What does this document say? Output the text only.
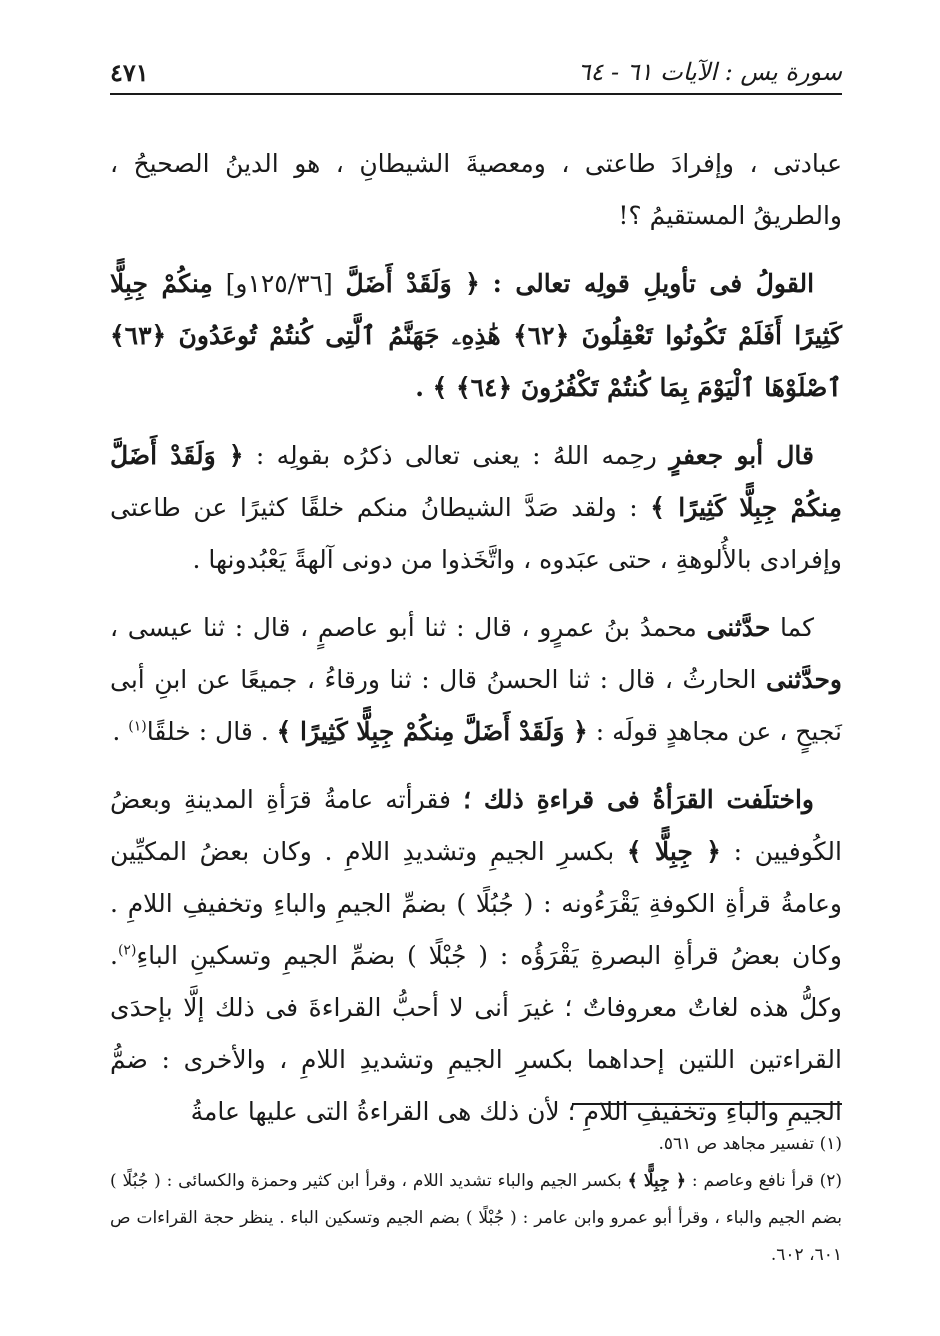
سورة يس : الآيات ٦١ - ٦٤
٤٧١

عبادتى ، وإفرادَ طاعتى ، ومعصيةَ الشيطانِ ، هو الدينُ الصحيحُ ، والطريقُ المستقيمُ ؟!

القولُ فى تأويلِ قولِه تعالى : ﴿ وَلَقَدْ أَضَلَّ [١٢٥/٣٦و] مِنكُمْ جِبِلًّا كَثِيرًا أَفَلَمْ تَكُونُوا تَعْقِلُونَ ﴿٦٢﴾ هَٰذِهِۦ جَهَنَّمُ ٱلَّتِى كُنتُمْ تُوعَدُونَ ﴿٦٣﴾ ٱصْلَوْهَا ٱلْيَوْمَ بِمَا كُنتُمْ تَكْفُرُونَ ﴿٦٤﴾ ﴾ .

قال أبو جعفرٍ رحِمه اللهُ : يعنى تعالى ذكرُه بقولِه : ﴿ وَلَقَدْ أَضَلَّ مِنكُمْ جِبِلًّا كَثِيرًا ﴾ : ولقد صَدَّ الشيطانُ منكم خلقًا كثيرًا عن طاعتى وإفرادى بالأُلوهةِ ، حتى عبَدوه ، واتَّخَذوا من دونى آلهةً يَعْبُدونها .

كما حدَّثنى محمدُ بنُ عمرٍو ، قال : ثنا أبو عاصمٍ ، قال : ثنا عيسى ، وحدَّثنى الحارثُ ، قال : ثنا الحسنُ قال : ثنا ورقاءُ ، جميعًا عن ابنِ أبى نَجيحٍ ، عن مجاهدٍ قولَه : ﴿ وَلَقَدْ أَضَلَّ مِنكُمْ جِبِلًّا كَثِيرًا ﴾ . قال : خلقًا$^{(١)}$ .

واختلَفت القرَأةُ فى قراءةِ ذلك ؛ فقرأته عامةُ قرَأةِ المدينةِ وبعضُ الكُوفيين : ﴿ جِبِلًّا ﴾ بكسرِ الجيمِ وتشديدِ اللامِ . وكان بعضُ المكيِّين وعامةُ قرأةِ الكوفةِ يَقْرَءُونه : ( جُبُلًا ) بضمِّ الجيمِ والباءِ وتخفيفِ اللامِ . وكان بعضُ قرأةِ البصرةِ يَقْرَؤُه : ( جُبْلًا ) بضمِّ الجيمِ وتسكينِ الباءِ$^{(٢)}$. وكلُّ هذه لغاتٌ معروفاتٌ ؛ غيرَ أنى لا أحبُّ القراءةَ فى ذلك إلَّا بإحدَى القراءتين اللتين إحداهما بكسرِ الجيمِ وتشديدِ اللامِ ، والأخرى : ضمُّ الجيمِ والباءِ وتخفيفِ اللامِ ؛ لأن ذلك هى القراءةُ التى عليها عامةُ

(١) تفسير مجاهد ص ٥٦١.

(٢) قرأ نافع وعاصم : ﴿ جِبِلًّا ﴾ بكسر الجيم والباء تشديد اللام ، وقرأ ابن كثير وحمزة والكسائى : ( جُبُلًا ) بضم الجيم والباء ، وقرأ أبو عمرو وابن عامر : ( جُبْلًا ) بضم الجيم وتسكين الباء . ينظر حجة القراءات ص ٦٠١، ٦٠٢.
